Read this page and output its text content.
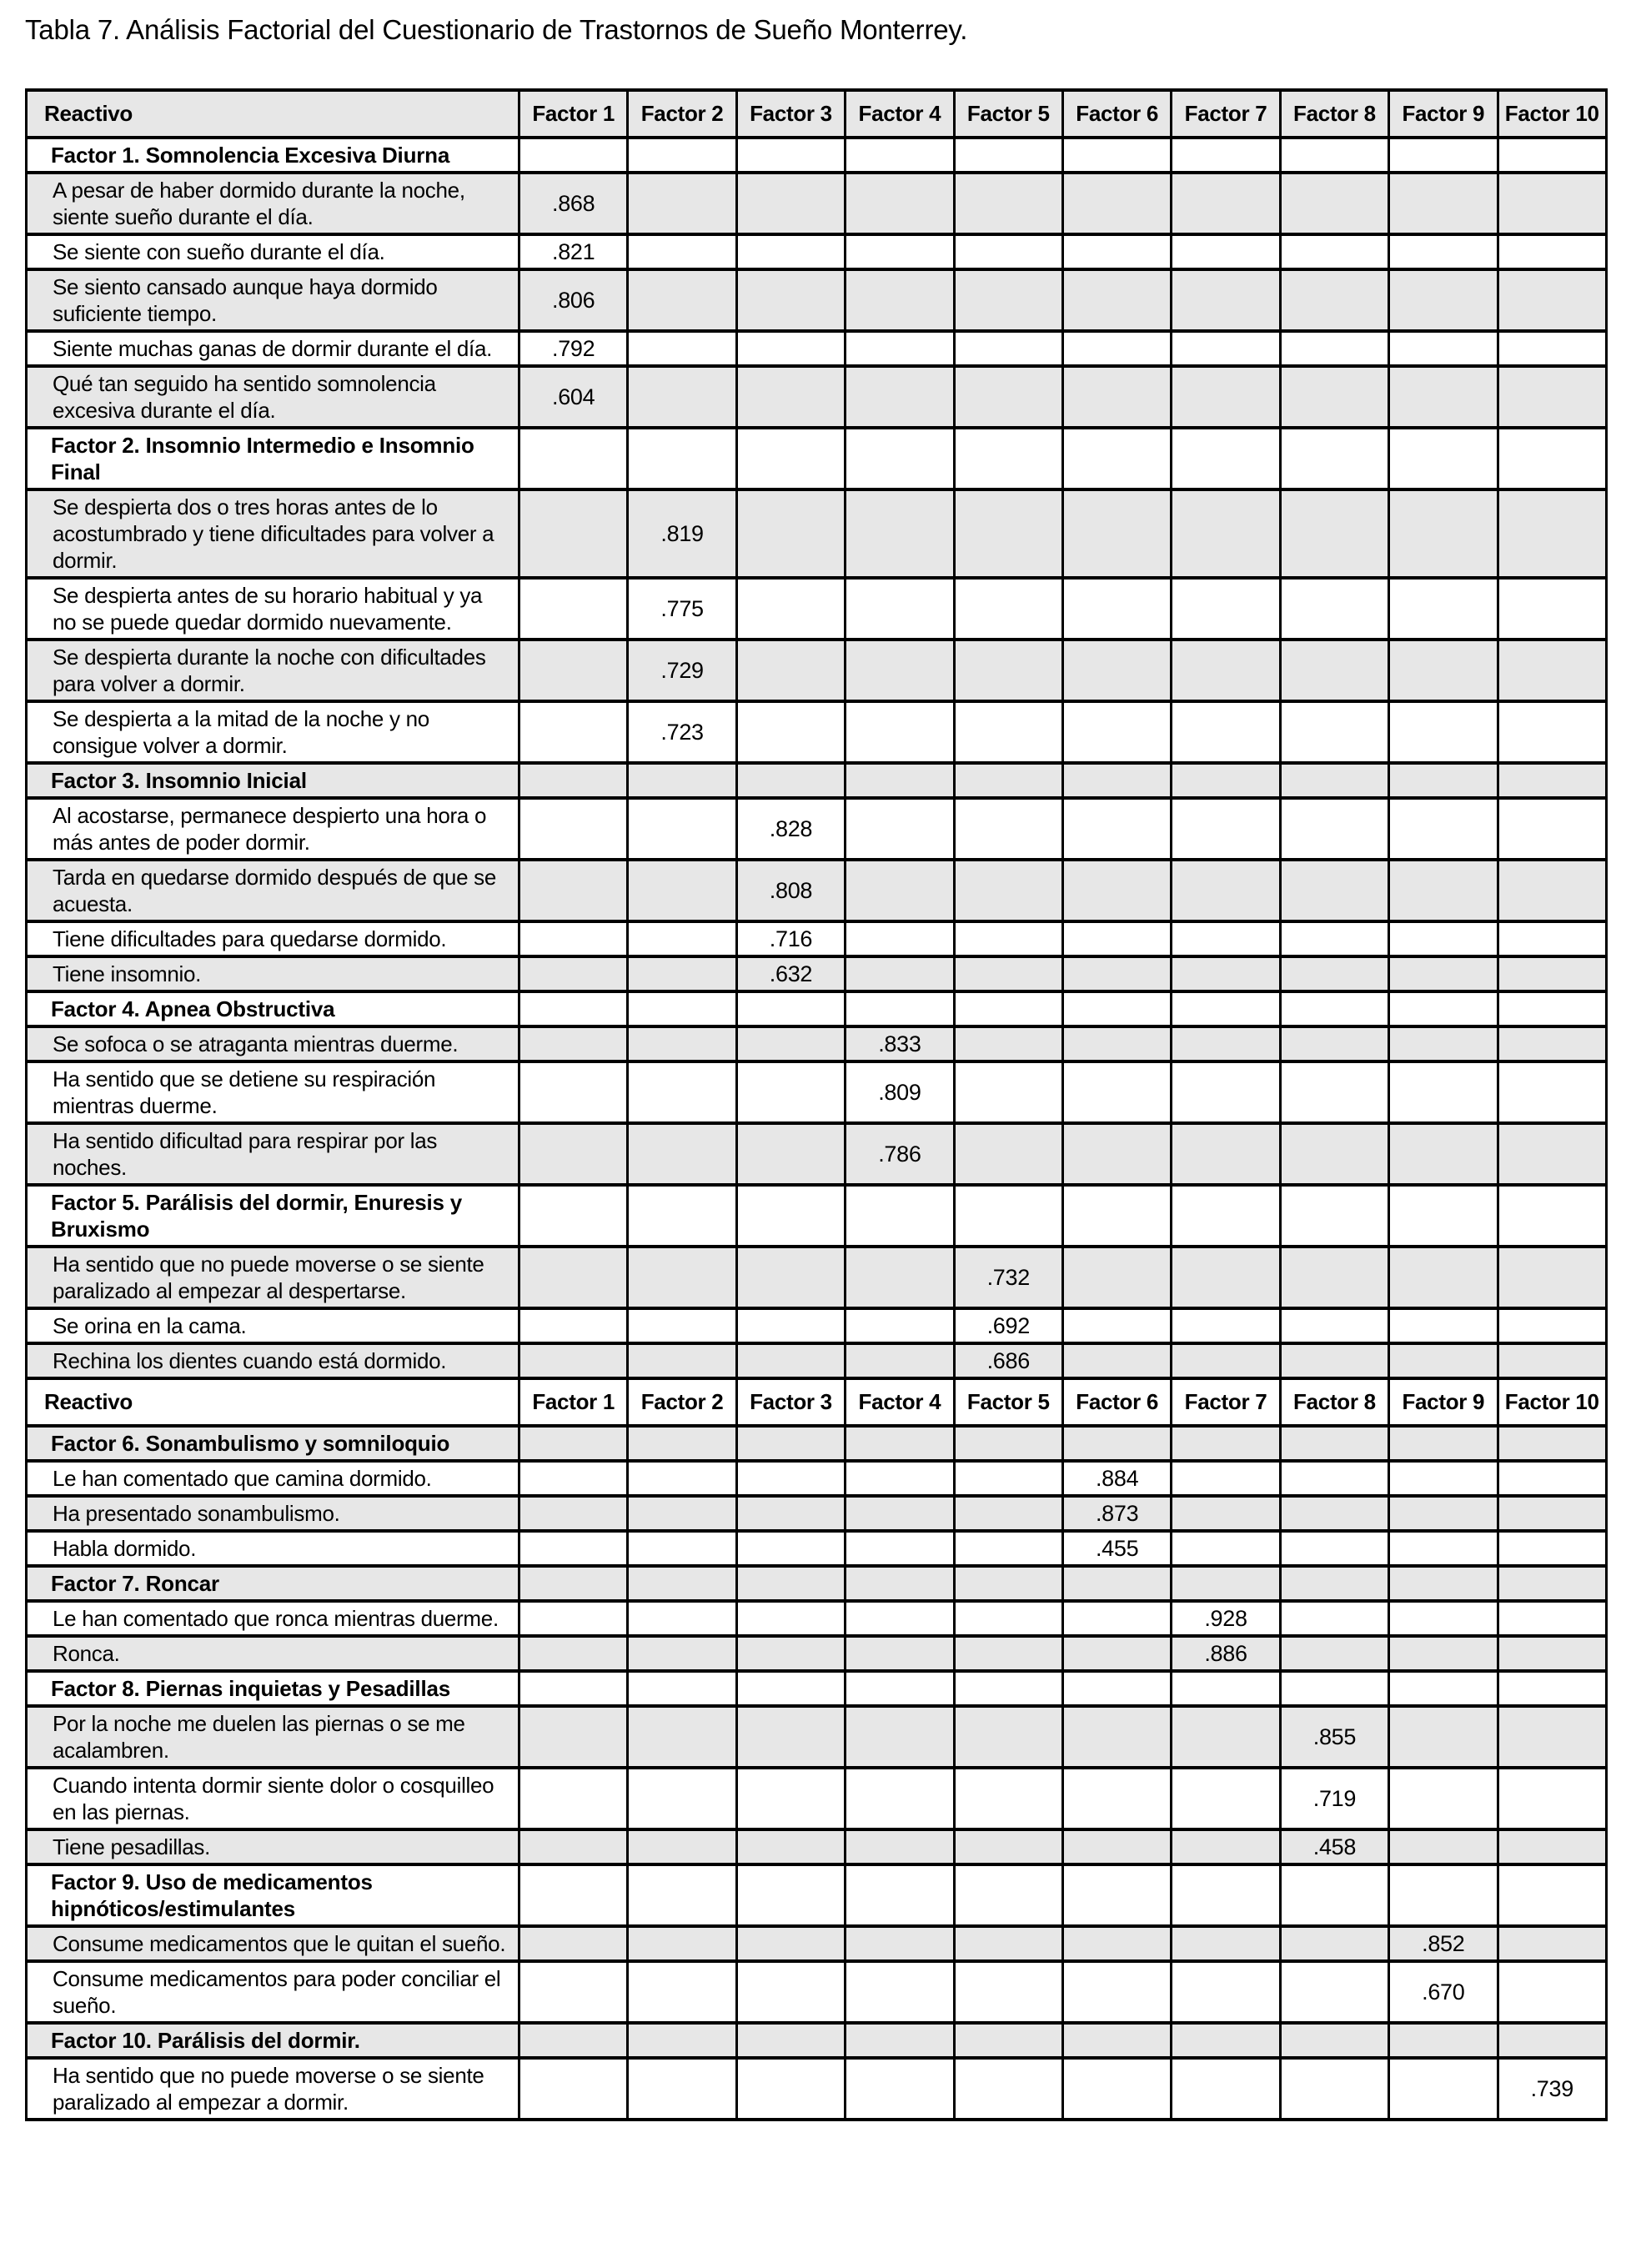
Tabla 7. Análisis Factorial del Cuestionario de Trastornos de Sueño Monterrey.
Reactivo	Factor 1	Factor 2	Factor 3	Factor 4	Factor 5	Factor 6	Factor 7	Factor 8	Factor 9	Factor 10
Factor 1. Somnolencia Excesiva Diurna										
A pesar de haber dormido durante la noche, siente sueño durante el día.	.868									
Se siente con sueño durante el día.	.821									
Se siento cansado aunque haya dormido suficiente tiempo.	.806									
Siente muchas ganas de dormir durante el día.	.792									
Qué tan seguido ha sentido somnolencia excesiva durante el día.	.604									
Factor 2. Insomnio Intermedio e Insomnio Final										
Se despierta dos o tres horas antes de lo acostumbrado y tiene dificultades para volver a dormir.		.819								
Se despierta antes de su horario habitual y ya no se puede quedar dormido nuevamente.		.775								
Se despierta durante la noche con dificultades para volver a dormir.		.729								
Se despierta a la mitad de la noche y no consigue volver a dormir.		.723								
Factor 3. Insomnio Inicial										
Al acostarse, permanece despierto una hora o más antes de poder dormir.			.828							
Tarda en quedarse dormido después de que se acuesta.			.808							
Tiene dificultades para quedarse dormido.			.716							
Tiene insomnio.			.632							
Factor 4. Apnea Obstructiva										
Se sofoca o se atraganta mientras duerme.				.833						
Ha sentido que se detiene su respiración mientras duerme.				.809						
Ha sentido dificultad para respirar por las noches.				.786						
Factor 5. Parálisis del dormir, Enuresis y Bruxismo										
Ha sentido que no puede moverse o se siente paralizado al empezar al despertarse.					.732					
Se orina en la cama.					.692					
Rechina los dientes cuando está dormido.					.686					
Reactivo	Factor 1	Factor 2	Factor 3	Factor 4	Factor 5	Factor 6	Factor 7	Factor 8	Factor 9	Factor 10
Factor 6. Sonambulismo y somniloquio										
Le han comentado que camina dormido.						.884				
Ha presentado sonambulismo.						.873				
Habla dormido.						.455				
Factor 7. Roncar										
Le han comentado que ronca mientras duerme.							.928			
Ronca.							.886			
Factor 8. Piernas inquietas y Pesadillas										
Por la noche me duelen las piernas o se me acalambren.								.855		
Cuando intenta dormir siente dolor o cosquilleo en las piernas.								.719		
Tiene pesadillas.								.458		
Factor 9. Uso de medicamentos hipnóticos/estimulantes										
Consume medicamentos que le quitan el sueño.									.852	
Consume medicamentos para poder conciliar el sueño.									.670	
Factor 10. Parálisis del dormir.										
Ha sentido que no puede moverse o se siente paralizado al empezar a dormir.										.739
